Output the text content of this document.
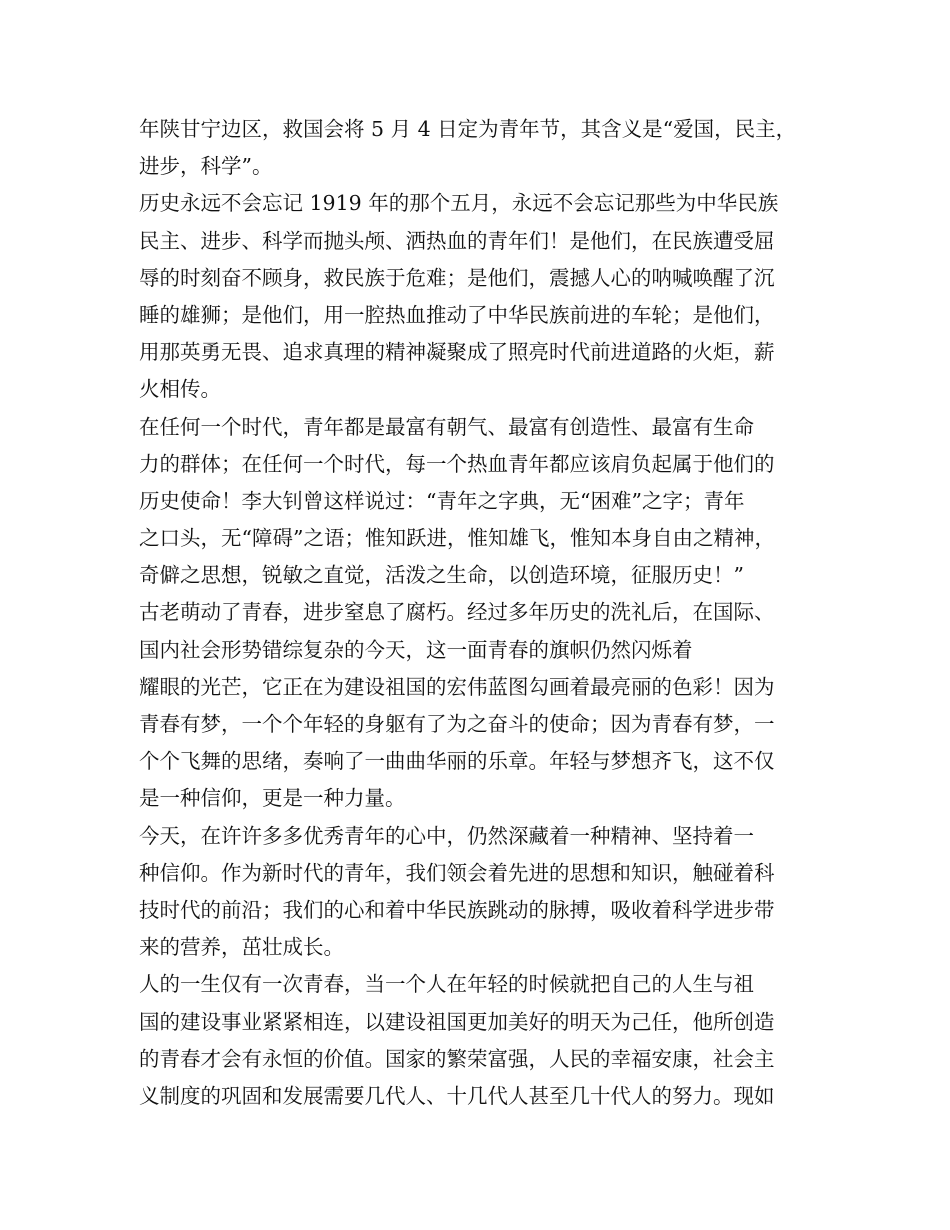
年陕甘宁边区，救国会将 5 月 4 日定为青年节，其含义是“爱国，民主，
进步，科学”。
历史永远不会忘记 1919 年的那个五月，永远不会忘记那些为中华民族
民主、进步、科学而抛头颅、洒热血的青年们！是他们，在民族遭受屈
辱的时刻奋不顾身，救民族于危难；是他们，震撼人心的呐喊唤醒了沉
睡的雄狮；是他们，用一腔热血推动了中华民族前进的车轮；是他们，
用那英勇无畏、追求真理的精神凝聚成了照亮时代前进道路的火炬，薪
火相传。
在任何一个时代，青年都是最富有朝气、最富有创造性、最富有生命
力的群体；在任何一个时代，每一个热血青年都应该肩负起属于他们的
历史使命！李大钊曾这样说过：“青年之字典，无“困难”之字；青年
之口头，无“障碍”之语；惟知跃进，惟知雄飞，惟知本身自由之精神，
奇僻之思想，锐敏之直觉，活泼之生命，以创造环境，征服历史！”
古老萌动了青春，进步窒息了腐朽。经过多年历史的洗礼后，在国际、
国内社会形势错综复杂的今天，这一面青春的旗帜仍然闪烁着
耀眼的光芒，它正在为建设祖国的宏伟蓝图勾画着最亮丽的色彩！因为
青春有梦，一个个年轻的身躯有了为之奋斗的使命；因为青春有梦，一
个个飞舞的思绪，奏响了一曲曲华丽的乐章。年轻与梦想齐飞，这不仅
是一种信仰，更是一种力量。
今天，在许许多多优秀青年的心中，仍然深藏着一种精神、坚持着一
种信仰。作为新时代的青年，我们领会着先进的思想和知识，触碰着科
技时代的前沿；我们的心和着中华民族跳动的脉搏，吸收着科学进步带
来的营养，茁壮成长。
人的一生仅有一次青春，当一个人在年轻的时候就把自己的人生与祖
国的建设事业紧紧相连，以建设祖国更加美好的明天为己任，他所创造
的青春才会有永恒的价值。国家的繁荣富强，人民的幸福安康，社会主
义制度的巩固和发展需要几代人、十几代人甚至几十代人的努力。现如
